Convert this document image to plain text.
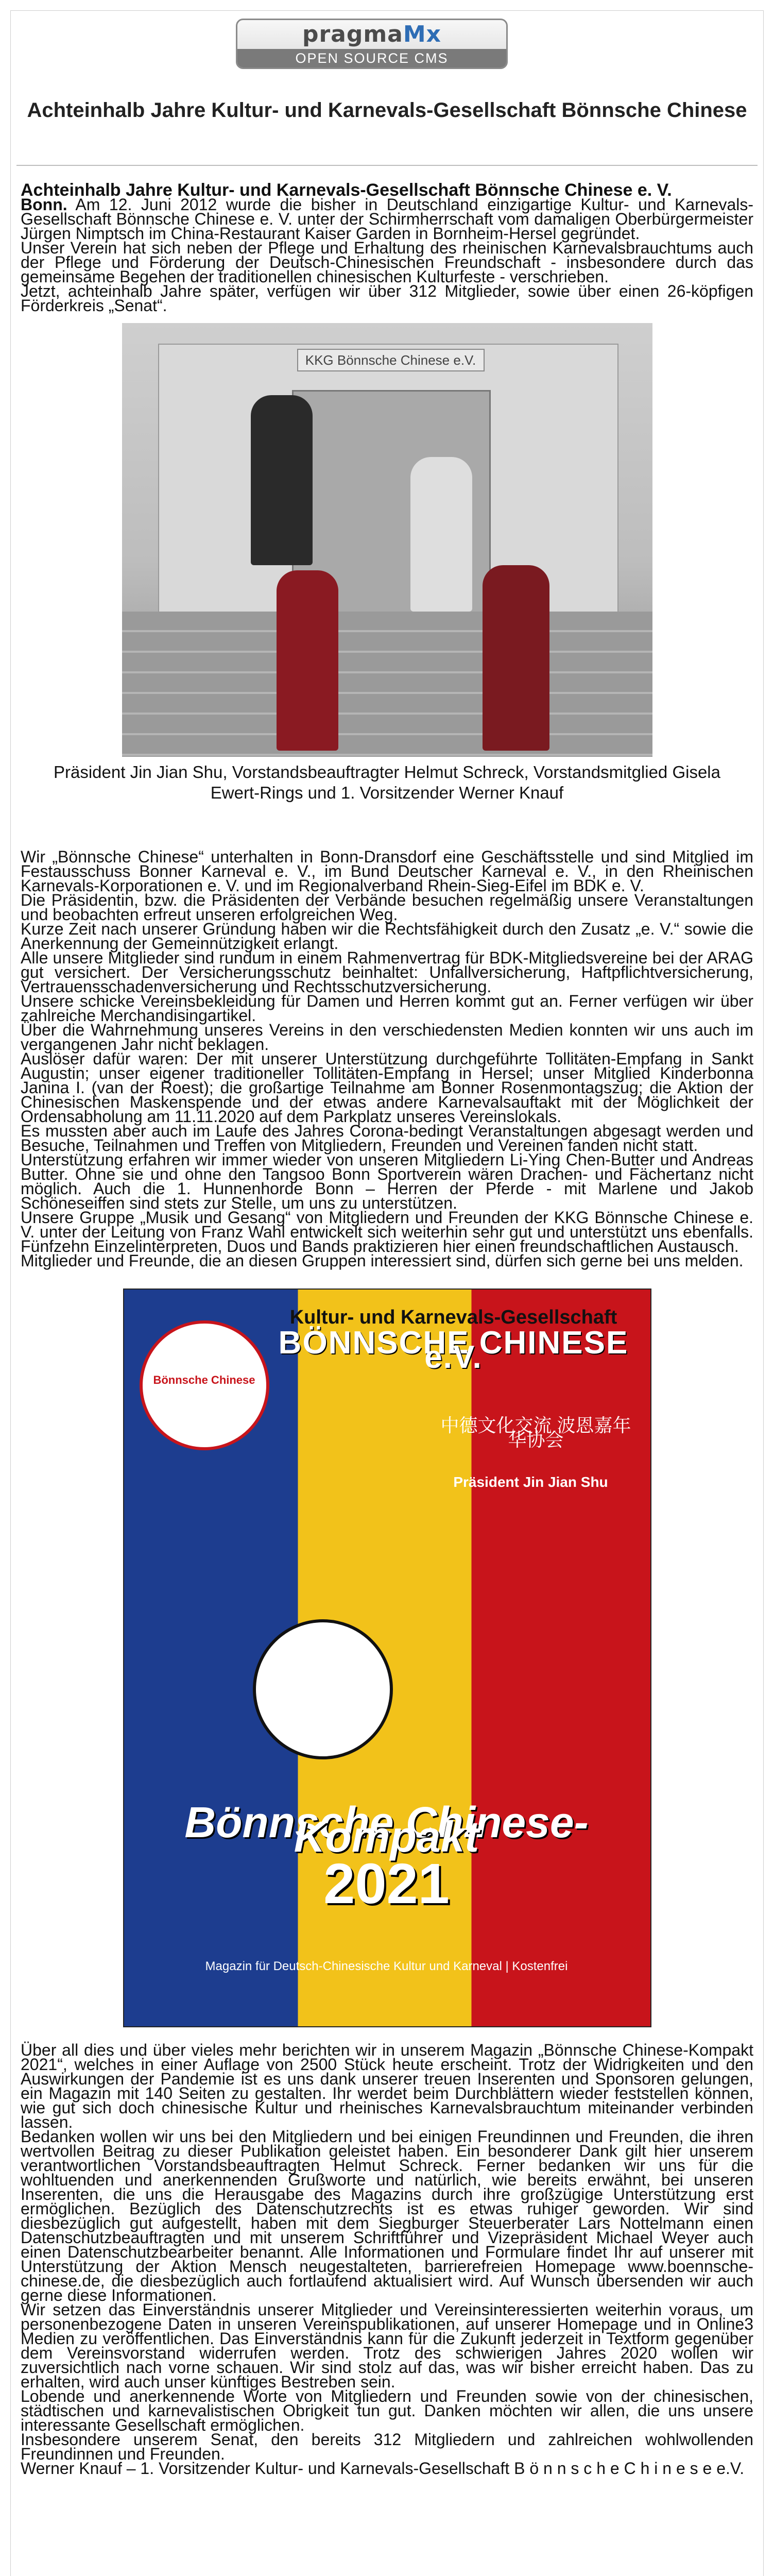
pragmaMx
OPEN SOURCE CMS
Achteinhalb Jahre Kultur- und Karnevals-Gesellschaft Bönnsche Chinese

Achteinhalb Jahre Kultur- und Karnevals-Gesellschaft Bönnsche Chinese e. V.

Bonn. Am 12. Juni 2012 wurde die bisher in Deutschland einzigartige Kultur- und Karnevals-Gesellschaft Bönnsche Chinese e. V. unter der Schirmherrschaft vom damaligen Oberbürgermeister Jürgen Nimptsch im China-Restaurant Kaiser Garden in Bornheim-Hersel gegründet.

Unser Verein hat sich neben der Pflege und Erhaltung des rheinischen Karnevalsbrauchtums auch der Pflege und Förderung der Deutsch-Chinesischen Freundschaft - insbesondere durch das gemeinsame Begehen der traditionellen chinesischen Kulturfeste - verschrieben.

Jetzt, achteinhalb Jahre später, verfügen wir über 312 Mitglieder, sowie über einen 26-köpfigen Förderkreis „Senat“.

KKG Bönnsche Chinese e.V.
Präsident Jin Jian Shu, Vorstandsbeauftragter Helmut Schreck, Vorstandsmitglied Gisela Ewert-Rings und 1. Vorsitzender Werner Knauf

Wir „Bönnsche Chinese“ unterhalten in Bonn-Dransdorf eine Geschäftsstelle und sind Mitglied im Festausschuss Bonner Karneval e. V., im Bund Deutscher Karneval e. V., in den Rheinischen Karnevals-Korporationen e. V. und im Regionalverband Rhein-Sieg-Eifel im BDK e. V.

Die Präsidentin, bzw. die Präsidenten der Verbände besuchen regelmäßig unsere Veranstaltungen und beobachten erfreut unseren erfolgreichen Weg.

Kurze Zeit nach unserer Gründung haben wir die Rechtsfähigkeit durch den Zusatz „e. V.“ sowie die Anerkennung der Gemeinnützigkeit erlangt.

Alle unsere Mitglieder sind rundum in einem Rahmenvertrag für BDK-Mitgliedsvereine bei der ARAG gut versichert. Der Versicherungsschutz beinhaltet: Unfallversicherung, Haftpflichtversicherung, Vertrauensschadenversicherung und Rechtsschutzversicherung.

Unsere schicke Vereinsbekleidung für Damen und Herren kommt gut an. Ferner verfügen wir über zahlreiche Merchandisingartikel.

Über die Wahrnehmung unseres Vereins in den verschiedensten Medien konnten wir uns auch im vergangenen Jahr nicht beklagen.

Auslöser dafür waren: Der mit unserer Unterstützung durchgeführte Tollitäten-Empfang in Sankt Augustin; unser eigener traditioneller Tollitäten-Empfang in Hersel; unser Mitglied Kinderbonna Janina I. (van der Roest); die großartige Teilnahme am Bonner Rosenmontagszug; die Aktion der Chinesischen Maskenspende und der etwas andere Karnevalsauftakt mit der Möglichkeit der Ordensabholung am 11.11.2020 auf dem Parkplatz unseres Vereinslokals.

Es mussten aber auch im Laufe des Jahres Corona-bedingt Veranstaltungen abgesagt werden und Besuche, Teilnahmen und Treffen von Mitgliedern, Freunden und Vereinen fanden nicht statt.

Unterstützung erfahren wir immer wieder von unseren Mitgliedern Li-Ying Chen-Butter und Andreas Butter. Ohne sie und ohne den Tangsoo Bonn Sportverein wären Drachen- und Fächertanz nicht möglich. Auch die 1. Hunnenhorde Bonn – Herren der Pferde - mit Marlene und Jakob Schöneseiffen sind stets zur Stelle, um uns zu unterstützen.

Unsere Gruppe „Musik und Gesang“ von Mitgliedern und Freunden der KKG Bönnsche Chinese e. V. unter der Leitung von Franz Wahl entwickelt sich weiterhin sehr gut und unterstützt uns ebenfalls. Fünfzehn Einzelinterpreten, Duos und Bands praktizieren hier einen freundschaftlichen Austausch.

Mitglieder und Freunde, die an diesen Gruppen interessiert sind, dürfen sich gerne bei uns melden.

Bönnsche Chinese
Kultur- und Karnevals-Gesellschaft
BÖNNSCHE CHINESE e.V.
中德文化交流 波恩嘉年华协会
Präsident Jin Jian Shu
Bönnsche Chinese-Kompakt
2021
Magazin für Deutsch-Chinesische Kultur und Karneval | Kostenfrei

Über all dies und über vieles mehr berichten wir in unserem Magazin „Bönnsche Chinese-Kompakt 2021“, welches in einer Auflage von 2500 Stück heute erscheint. Trotz der Widrigkeiten und den Auswirkungen der Pandemie ist es uns dank unserer treuen Inserenten und Sponsoren gelungen, ein Magazin mit 140 Seiten zu gestalten. Ihr werdet beim Durchblättern wieder feststellen können, wie gut sich doch chinesische Kultur und rheinisches Karnevalsbrauchtum miteinander verbinden lassen.

Bedanken wollen wir uns bei den Mitgliedern und bei einigen Freundinnen und Freunden, die ihren wertvollen Beitrag zu dieser Publikation geleistet haben. Ein besonderer Dank gilt hier unserem verantwortlichen Vorstandsbeauftragten Helmut Schreck. Ferner bedanken wir uns für die wohltuenden und anerkennenden Grußworte und natürlich, wie bereits erwähnt, bei unseren Inserenten, die uns die Herausgabe des Magazins durch ihre großzügige Unterstützung erst ermöglichen. Bezüglich des Datenschutzrechts ist es etwas ruhiger geworden. Wir sind diesbezüglich gut aufgestellt, haben mit dem Siegburger Steuerberater Lars Nottelmann einen Datenschutzbeauftragten und mit unserem Schriftführer und Vizepräsident Michael Weyer auch einen Datenschutzbearbeiter benannt. Alle Informationen und Formulare findet Ihr auf unserer mit Unterstützung der Aktion Mensch neugestalteten, barrierefreien Homepage www.boennsche-chinese.de, die diesbezüglich auch fortlaufend aktualisiert wird. Auf Wunsch übersenden wir auch gerne diese Informationen.

Wir setzen das Einverständnis unserer Mitglieder und Vereinsinteressierten weiterhin voraus, um personenbezogene Daten in unseren Vereinspublikationen, auf unserer Homepage und in Online3 Medien zu veröffentlichen. Das Einverständnis kann für die Zukunft jederzeit in Textform gegenüber dem Vereinsvorstand widerrufen werden. Trotz des schwierigen Jahres 2020 wollen wir zuversichtlich nach vorne schauen. Wir sind stolz auf das, was wir bisher erreicht haben. Das zu erhalten, wird auch unser künftiges Bestreben sein.

Lobende und anerkennende Worte von Mitgliedern und Freunden sowie von der chinesischen, städtischen und karnevalistischen Obrigkeit tun gut. Danken möchten wir allen, die uns unsere interessante Gesellschaft ermöglichen.

Insbesondere unserem Senat, den bereits 312 Mitgliedern und zahlreichen wohlwollenden Freundinnen und Freunden.

Werner Knauf – 1. Vorsitzender Kultur- und Karnevals-Gesellschaft B ö n n s c h e C h i n e s e e.V.
